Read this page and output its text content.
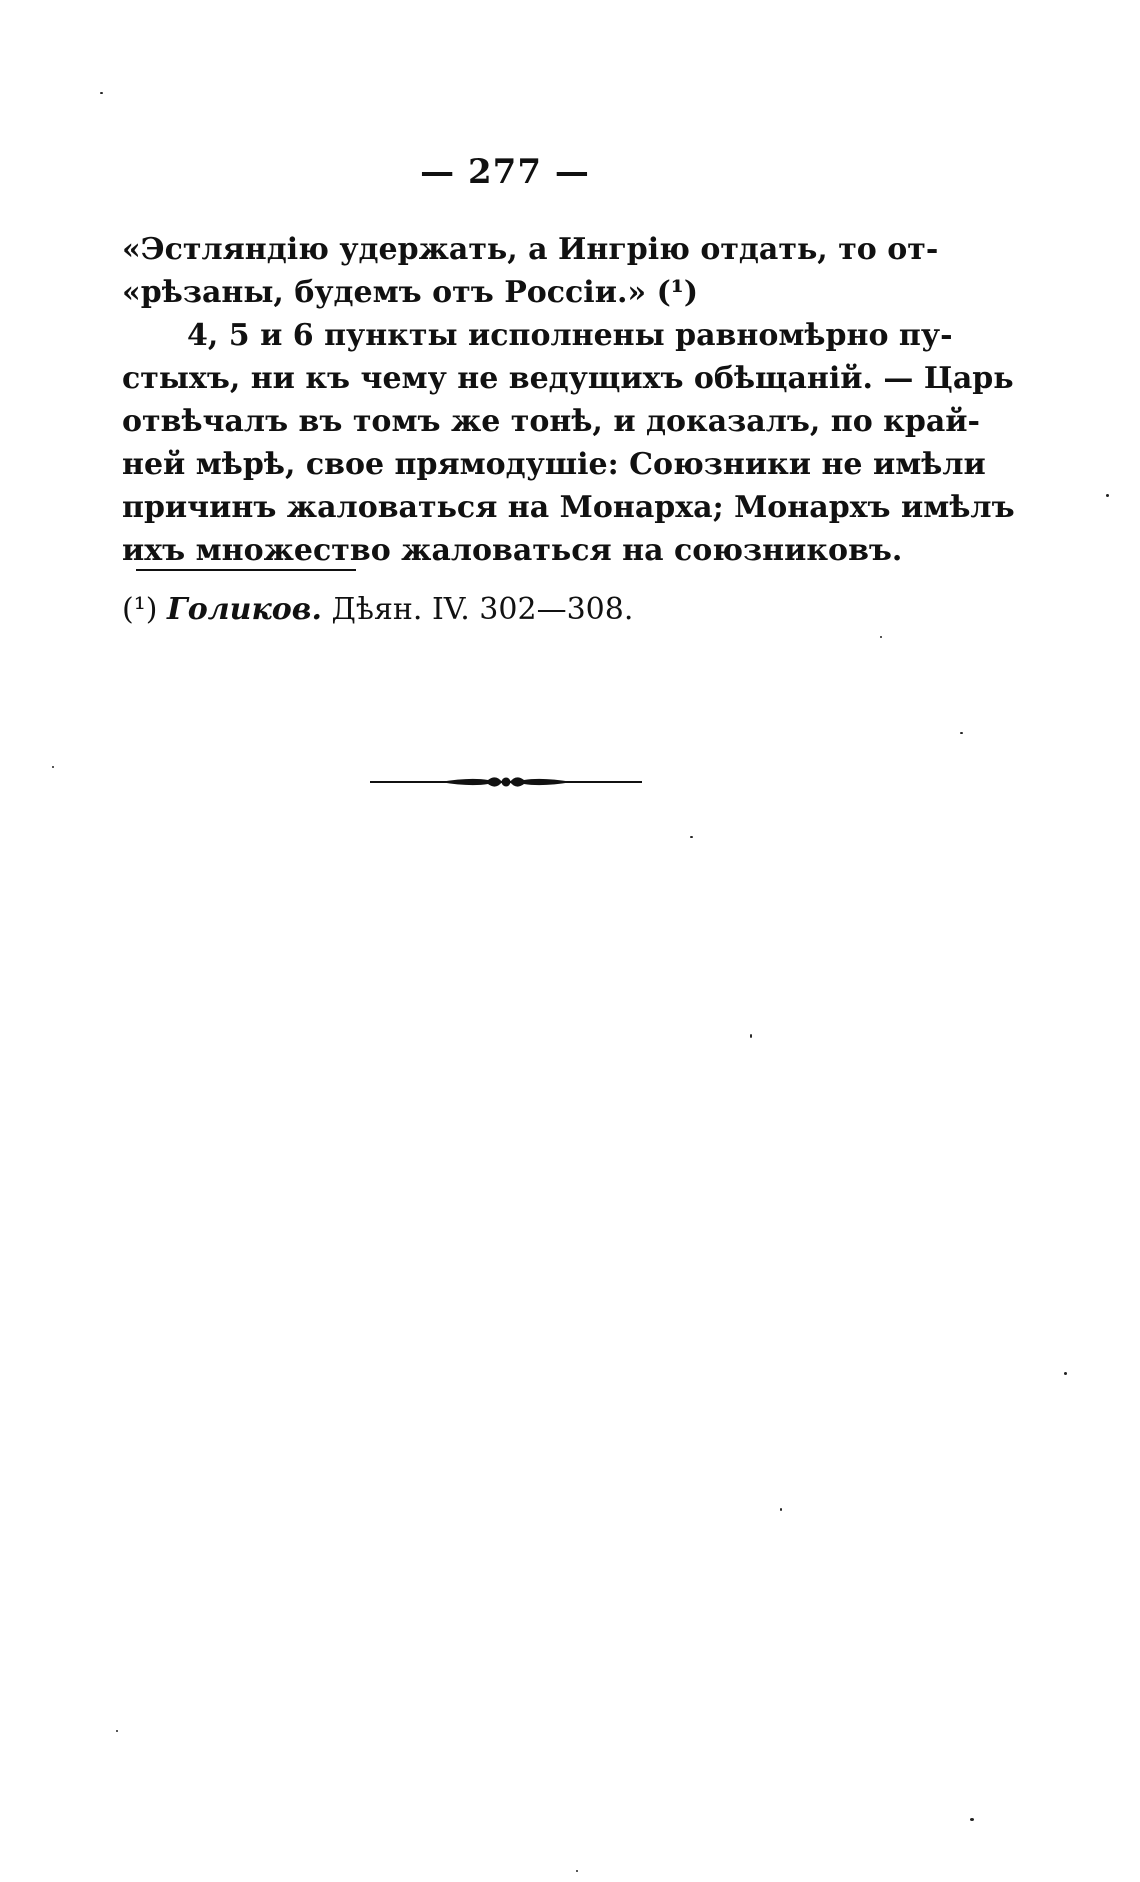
— 277 —
«Эстляндію удержать, а Ингрію отдать, то от-
«рѣзаны, будемъ отъ Россіи.» (¹)
4, 5 и 6 пункты исполнены равномѣрно пу-
стыхъ, ни къ чему не ведущихъ обѣщаній. — Царь
отвѣчалъ въ томъ же тонѣ, и доказалъ, по край-
ней мѣрѣ, свое прямодушіе: Союзники не имѣли
причинъ жаловаться на Монарха; Монархъ имѣлъ
ихъ множество жаловаться на союзниковъ.
(¹) Голиков. Дѣян. IV. 302—308.
